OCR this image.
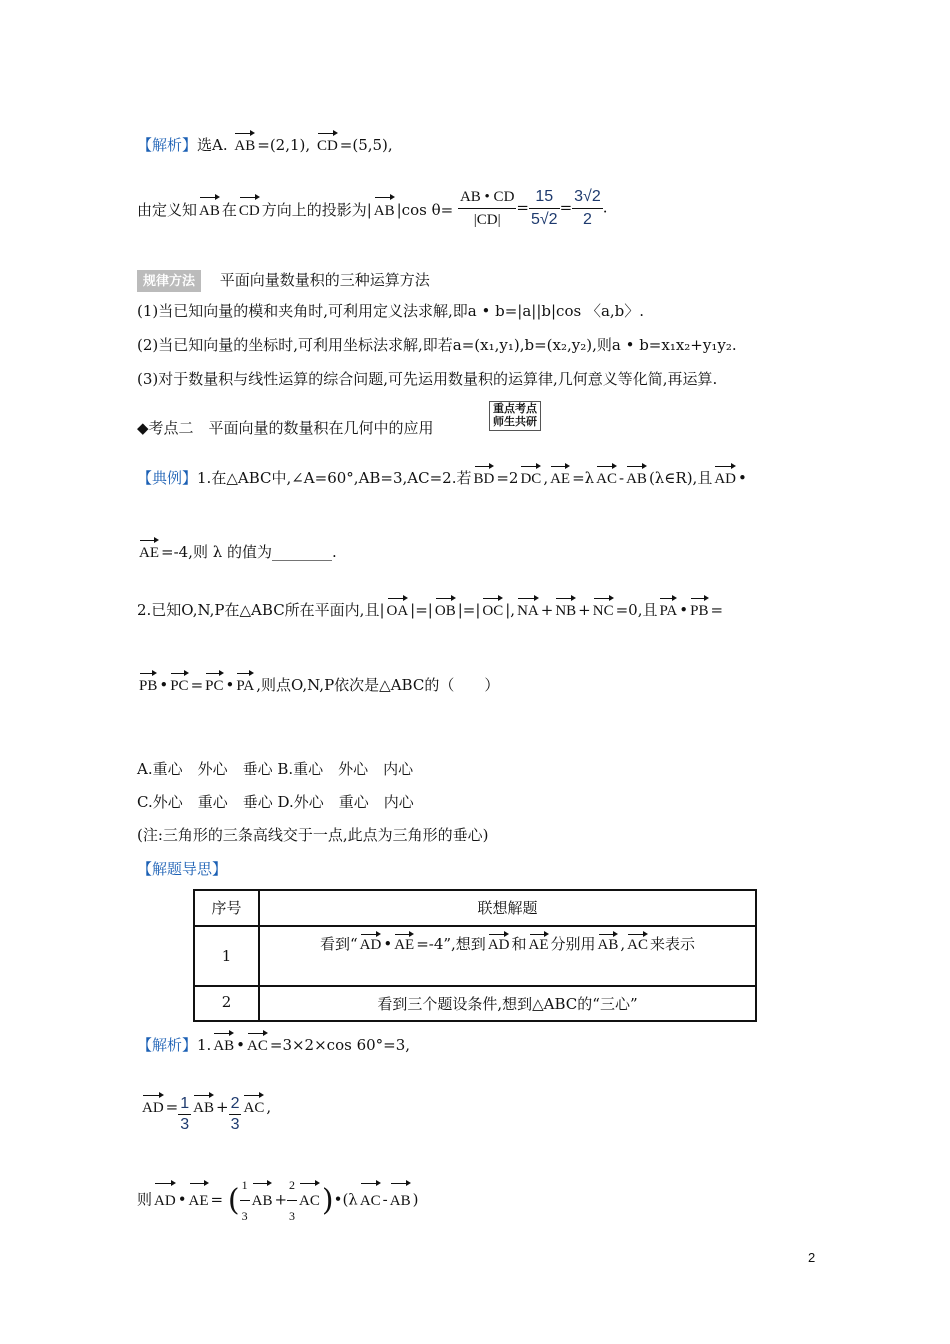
【解析】选A. AB =(2,1), CD =(5,5),
由定义知 AB 在 CD 方向上的投影为| AB |cos $\theta= \frac{AB • CD}{|CD|} = \frac{15}{5√2} = \frac{3√2}{2}$ .
规律方法 平面向量数量积的三种运算方法
(1)当已知向量的模和夹角时,可利用定义法求解,即a • b=|a||b|cos 〈a,b〉.
(2)当已知向量的坐标时,可利用坐标法求解,即若a=(x₁,y₁),b=(x₂,y₂),则a • b=x₁x₂+y₁y₂.
(3)对于数量积与线性运算的综合问题,可先运用数量积的运算律,几何意义等化简,再运算.
◆考点二　平面向量的数量积在几何中的应用
重点考点
师生共研
【典例】1.在△ABC中,∠A=60°,AB=3,AC=2.若 BD =2 DC , AE =λ AC - AB (λ∈R),且 AD •
AE =-4,则 λ 的值为________.
2.已知O,N,P在△ABC所在平面内,且| OA |=| OB |=| OC |, NA + NB + NC =0,且 PA • PB =
PB • PC = PC • PA ,则点O,N,P依次是△ABC的（　　）
A.重心　外心　垂心 B.重心　外心　内心
C.外心　重心　垂心 D.外心　重心　内心
(注:三角形的三条高线交于一点,此点为三角形的垂心)
【解题导思】
序号	联想解题
1	看到“ AD • AE =-4”,想到 AD 和 AE 分别用 AB , AC 来表示
2	看到三个题设条件,想到△ABC的“三心”
【解析】1. AB • AC =3×2×cos 60°=3,
AD = $\frac{1}{3}$ AB + $\frac{2}{3}$ AC ,
则 AD • AE = ( $\frac{1}{3}$ AB + $\frac{2}{3}$ AC)•(λ AC - AB )
2
